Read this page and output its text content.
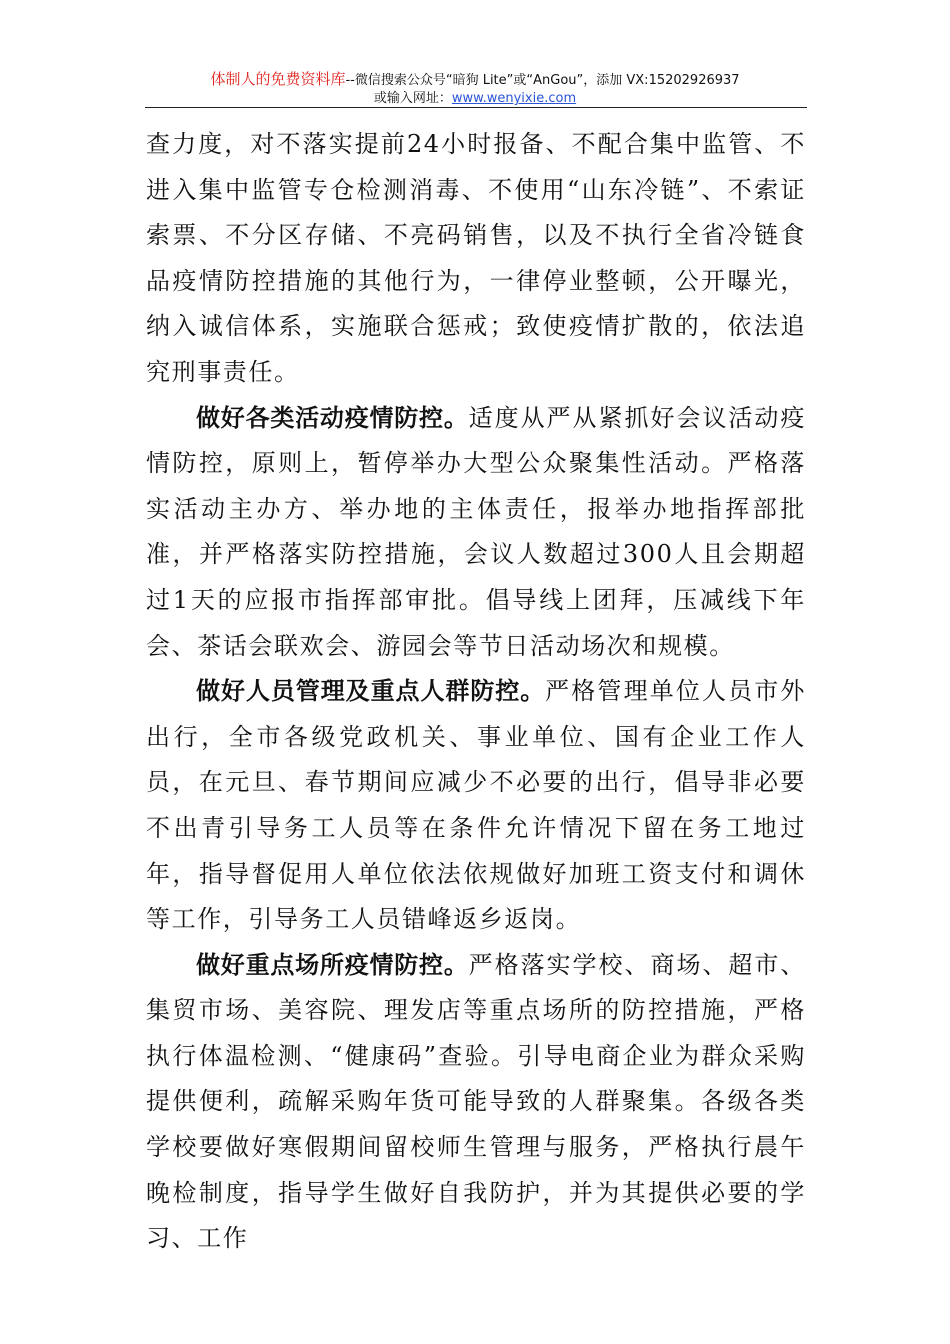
体制人的免费资料库--微信搜索公众号“暗狗 Lite”或“AnGou”，添加 VX:15202926937
或输入网址：www.wenyixie.com

查力度，对不落实提前24小时报备、不配合集中监管、不进入集中监管专仓检测消毒、不使用“山东冷链”、不索证索票、不分区存储、不亮码销售，以及不执行全省冷链食品疫情防控措施的其他行为，一律停业整顿，公开曝光，纳入诚信体系，实施联合惩戒；致使疫情扩散的，依法追究刑事责任。

做好各类活动疫情防控。适度从严从紧抓好会议活动疫情防控，原则上，暂停举办大型公众聚集性活动。严格落实活动主办方、举办地的主体责任，报举办地指挥部批准，并严格落实防控措施，会议人数超过300人且会期超过1天的应报市指挥部审批。倡导线上团拜，压减线下年会、茶话会联欢会、游园会等节日活动场次和规模。

做好人员管理及重点人群防控。严格管理单位人员市外出行，全市各级党政机关、事业单位、国有企业工作人员，在元旦、春节期间应减少不必要的出行，倡导非必要不出青引导务工人员等在条件允许情况下留在务工地过年，指导督促用人单位依法依规做好加班工资支付和调休等工作，引导务工人员错峰返乡返岗。

做好重点场所疫情防控。严格落实学校、商场、超市、集贸市场、美容院、理发店等重点场所的防控措施，严格执行体温检测、“健康码”查验。引导电商企业为群众采购提供便利，疏解采购年货可能导致的人群聚集。各级各类学校要做好寒假期间留校师生管理与服务，严格执行晨午晚检制度，指导学生做好自我防护，并为其提供必要的学习、工作
